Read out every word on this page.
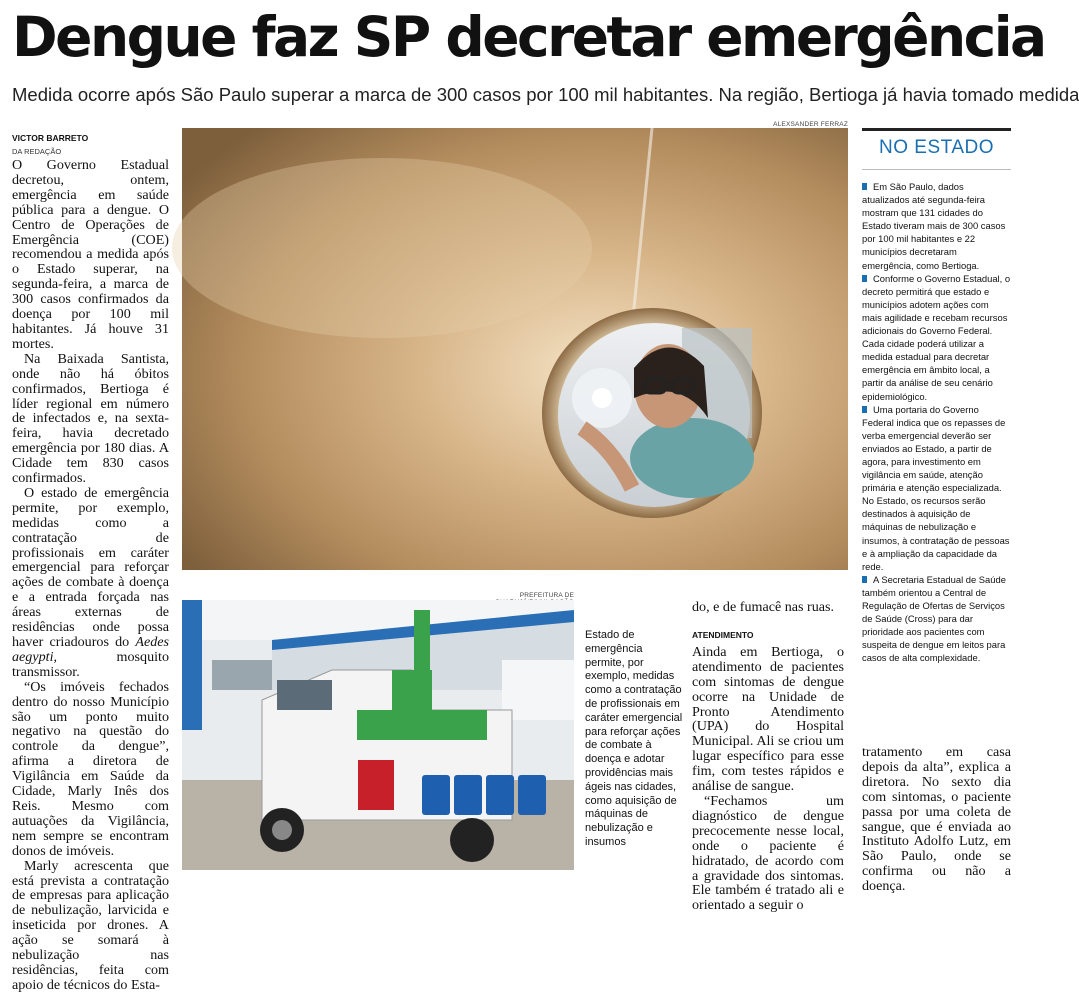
Dengue faz SP decretar emergência
Medida ocorre após São Paulo superar a marca de 300 casos por 100 mil habitantes. Na região, Bertioga já havia tomado medida
VICTOR BARRETO
DA REDAÇÃO

O Governo Estadual decretou, ontem, emergência em saúde pública para a dengue. O Centro de Operações de Emergência (COE) recomendou a medida após o Estado superar, na segunda-feira, a marca de 300 casos confirmados da doença por 100 mil habitantes. Já houve 31 mortes.

Na Baixada Santista, onde não há óbitos confirmados, Bertioga é líder regional em número de infectados e, na sexta-feira, havia decretado emergência por 180 dias. A Cidade tem 830 casos confirmados.

O estado de emergência permite, por exemplo, medidas como a contratação de profissionais em caráter emergencial para reforçar ações de combate à doença e a entrada forçada nas áreas externas de residências onde possa haver criadouros do Aedes aegypti, mosquito transmissor.

“Os imóveis fechados dentro do nosso Município são um ponto muito negativo na questão do controle da dengue”, afirma a diretora de Vigilância em Saúde da Cidade, Marly Inês dos Reis. Mesmo com autuações da Vigilância, nem sempre se encontram donos de imóveis.

Marly acrescenta que está prevista a contratação de empresas para aplicação de nebulização, larvicida e inseticida por drones. A ação se somará à nebulização nas residências, feita com apoio de técnicos do Esta-

ALEXSANDER FERRAZ
PREFEITURA DE
Estado de emergência permite, por exemplo, medidas como a contratação de profissionais em caráter emergencial para reforçar ações de combate à doença e adotar providências mais ágeis nas cidades, como aquisição de máquinas de nebulização e insumos

do, e de fumacê nas ruas.

ATENDIMENTO

Ainda em Bertioga, o atendimento de pacientes com sintomas de dengue ocorre na Unidade de Pronto Atendimento (UPA) do Hospital Municipal. Ali se criou um lugar específico para esse fim, com testes rápidos e análise de sangue.

“Fechamos um diagnóstico de dengue precocemente nesse local, onde o paciente é hidratado, de acordo com a gravidade dos sintomas. Ele também é tratado ali e orientado a seguir o

NO ESTADO

Em São Paulo, dados atualizados até segunda-feira mostram que 131 cidades do Estado tiveram mais de 300 casos por 100 mil habitantes e 22 municípios decretaram emergência, como Bertioga.

Conforme o Governo Estadual, o decreto permitirá que estado e municípios adotem ações com mais agilidade e recebam recursos adicionais do Governo Federal. Cada cidade poderá utilizar a medida estadual para decretar emergência em âmbito local, a partir da análise de seu cenário epidemiológico.

Uma portaria do Governo Federal indica que os repasses de verba emergencial deverão ser enviados ao Estado, a partir de agora, para investimento em vigilância em saúde, atenção primária e atenção especializada. No Estado, os recursos serão destinados à aquisição de máquinas de nebulização e insumos, à contratação de pessoas e à ampliação da capacidade da rede.

A Secretaria Estadual de Saúde também orientou a Central de Regulação de Ofertas de Serviços de Saúde (Cross) para dar prioridade aos pacientes com suspeita de dengue em leitos para casos de alta complexidade.

tratamento em casa depois da alta”, explica a diretora. No sexto dia com sintomas, o paciente passa por uma coleta de sangue, que é enviada ao Instituto Adolfo Lutz, em São Paulo, onde se confirma ou não a doença.
